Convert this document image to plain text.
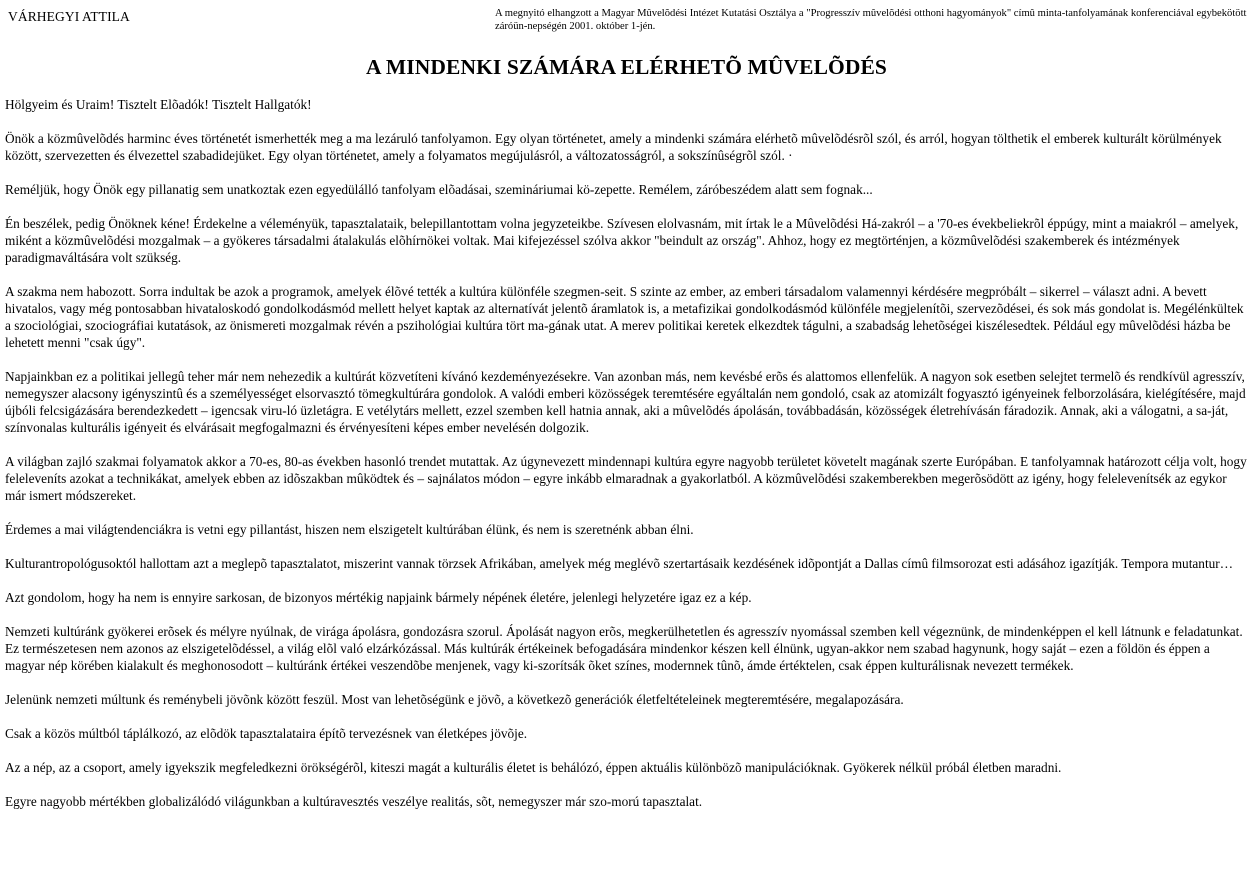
VÁRHEGYI ATTILA	A megnyitó elhangzott a Magyar Mûvelõdési Intézet Kutatási Osztálya a "Progresszív mûvelõdési otthoni hagyományok" címû minta-tanfolyamának konferenciával egybekötött záróün-nepségén 2001. október 1-jén.
A MINDENKI SZÁMÁRA ELÉRHETÕ MÛVELÕDÉS

Hölgyeim és Uraim! Tisztelt Elõadók! Tisztelt Hallgatók!

Önök a közmûvelõdés harminc éves történetét ismerhették meg a ma lezáruló tanfolyamon. Egy olyan történetet, amely a mindenki számára elérhetõ mûvelõdésrõl szól, és arról, hogyan tölthetik el emberek kulturált körülmények között, szervezetten és élvezettel szabadidejüket. Egy olyan történetet, amely a folyamatos megújulásról, a változatosságról, a sokszínûségrõl szól. ·

Reméljük, hogy Önök egy pillanatig sem unatkoztak ezen egyedülálló tanfolyam elõadásai, szemináriumai kö-zepette. Remélem, záróbeszédem alatt sem fognak...

Én beszélek, pedig Önöknek kéne! Érdekelne a véleményük, tapasztalataik, belepillantottam volna jegyzeteikbe. Szívesen elolvasnám, mit írtak le a Mûvelõdési Há-zakról – a '70-es évekbeliekrõl éppúgy, mint a maiakról – amelyek, miként a közmûvelõdési mozgalmak – a gyökeres társadalmi átalakulás elõhírnökei voltak. Mai kifejezéssel szólva akkor "beindult az ország". Ahhoz, hogy ez megtörténjen, a közmûvelõdési szakemberek és intézmények paradigmaváltására volt szükség.

A szakma nem habozott. Sorra indultak be azok a programok, amelyek élõvé tették a kultúra különféle szegmen-seit. S szinte az ember, az emberi társadalom valamennyi kérdésére megpróbált – sikerrel – választ adni. A bevett hivatalos, vagy még pontosabban hivataloskodó gondolkodásmód mellett helyet kaptak az alternatívát jelentõ áramlatok is, a metafizikai gondolkodásmód különféle megjelenítõi, szervezõdései, és sok más gondolat is. Megélénkültek a szociológiai, szociográfiai kutatások, az önismereti mozgalmak révén a pszihológiai kultúra tört ma-gának utat. A merev politikai keretek elkezdtek tágulni, a szabadság lehetõségei kiszélesedtek. Például egy mûvelõdési házba be lehetett menni "csak úgy".

Napjainkban ez a politikai jellegû teher már nem nehezedik a kultúrát közvetíteni kívánó kezdeményezésekre. Van azonban más, nem kevésbé erõs és alattomos ellenfelük. A nagyon sok esetben selejtet termelõ és rendkívül agresszív, nemegyszer alacsony igényszintû és a személyességet elsorvasztó tömegkultúrára gondolok. A valódi emberi közösségek teremtésére egyáltalán nem gondoló, csak az atomizált fogyasztó igényeinek felborzolására, kielégítésére, majd újbóli felcsigázására berendezkedett – igencsak viru-ló üzletágra. E vetélytárs mellett, ezzel szemben kell hatnia annak, aki a mûvelõdés ápolásán, továbbadásán, közösségek életrehívásán fáradozik. Annak, aki a válogatni, a sa-ját, színvonalas kulturális igényeit és elvárásait megfogalmazni és érvényesíteni képes ember nevelésén dolgozik.

A világban zajló szakmai folyamatok akkor a 70-es, 80-as években hasonló trendet mutattak. Az úgynevezett mindennapi kultúra egyre nagyobb területet követelt magának szerte Európában. E tanfolyamnak határozott célja volt, hogy feleleveníts azokat a technikákat, amelyek ebben az idõszakban mûködtek és – sajnálatos módon – egyre inkább elmaradnak a gyakorlatból. A közmûvelõdési szakemberekben megerõsödött az igény, hogy felelevenítsék az egykor már ismert módszereket.

Érdemes a mai világtendenciákra is vetni egy pillantást, hiszen nem elszigetelt kultúrában élünk, és nem is szeretnénk abban élni.

Kulturantropológusoktól hallottam azt a meglepõ tapasztalatot, miszerint vannak törzsek Afrikában, amelyek még meglévõ szertartásaik kezdésének idõpontját a Dallas címû filmsorozat esti adásához igazítják. Tempora mutantur…

Azt gondolom, hogy ha nem is ennyire sarkosan, de bizonyos mértékig napjaink bármely népének életére, jelenlegi helyzetére igaz ez a kép.

Nemzeti kultúránk gyökerei erõsek és mélyre nyúlnak, de virága ápolásra, gondozásra szorul. Ápolását nagyon erõs, megkerülhetetlen és agresszív nyomással szemben kell végeznünk, de mindenképpen el kell látnunk e feladatunkat. Ez természetesen nem azonos az elszigetelõdéssel, a világ elõl való elzárkózással. Más kultúrák értékeinek befogadására mindenkor készen kell élnünk, ugyan-akkor nem szabad hagynunk, hogy saját – ezen a földön és éppen a magyar nép körében kialakult és meghonosodott – kultúránk értékei veszendõbe menjenek, vagy ki-szorítsák õket színes, modernnek tûnõ, ámde értéktelen, csak éppen kulturálisnak nevezett termékek.

Jelenünk nemzeti múltunk és reménybeli jövõnk között feszül. Most van lehetõségünk e jövõ, a következõ generációk életfeltételeinek megteremtésére, megalapozására.

Csak a közös múltból táplálkozó, az elõdök tapasztalataira építõ tervezésnek van életképes jövõje.

Az a nép, az a csoport, amely igyekszik megfeledkezni örökségérõl, kiteszi magát a kulturális életet is behálózó, éppen aktuális különbözõ manipulációknak. Gyökerek nélkül próbál életben maradni.

Egyre nagyobb mértékben globalizálódó világunkban a kultúravesztés veszélye realitás, sõt, nemegyszer már szo-morú tapasztalat.
